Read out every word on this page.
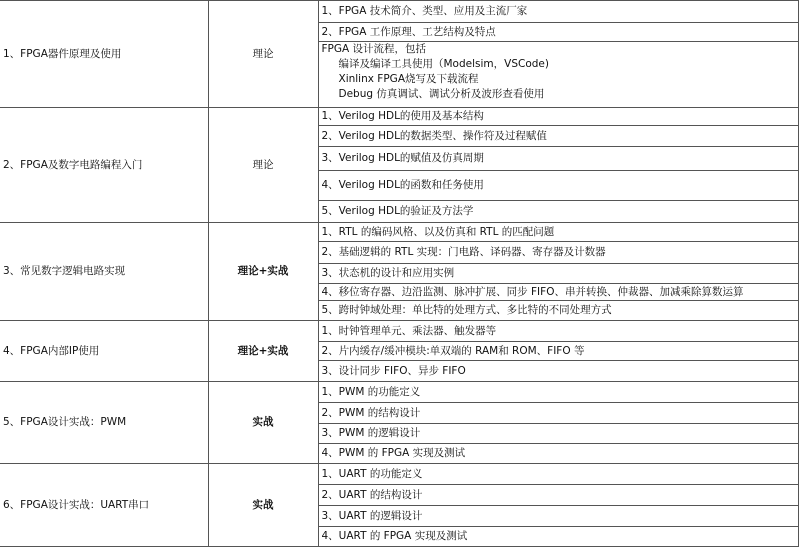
1、FPGA器件原理及使用	理论	1、FPGA 技术简介、类型、应用及主流厂家
		2、FPGA 工作原理、工艺结构及特点

		FPGA 设计流程，包括
编译及编译工具使用（Modelsim，VSCode)
Xinlinx FPGA烧写及下载流程
Debug 仿真调试、调试分析及波形查看使用

2、FPGA及数字电路编程入门	理论	1、Verilog HDL的使用及基本结构
		2、Verilog HDL的数据类型、操作符及过程赋值
		3、Verilog HDL的赋值及仿真周期
		4、Verilog HDL的函数和任务使用
		5、Verilog HDL的验证及方法学
3、常见数字逻辑电路实现	理论+实战	1、RTL 的编码风格、以及仿真和 RTL 的匹配问题
		2、基础逻辑的 RTL 实现：门电路、译码器、寄存器及计数器
		3、状态机的设计和应用实例
		4、移位寄存器、边沿监测、脉冲扩展、同步 FIFO、串并转换、仲裁器、加减乘除算数运算
		5、跨时钟域处理：单比特的处理方式、多比特的不同处理方式
4、FPGA内部IP使用	理论+实战	1、时钟管理单元、乘法器、触发器等
		2、片内缓存/缓冲模块:单双端的 RAM和 ROM、FIFO 等
		3、设计同步 FIFO、异步 FIFO
5、FPGA设计实战：PWM	实战	1、PWM 的功能定义
		2、PWM 的结构设计
		3、PWM 的逻辑设计
		4、PWM 的 FPGA 实现及测试
6、FPGA设计实战：UART串口	实战	1、UART 的功能定义
		2、UART 的结构设计
		3、UART 的逻辑设计
		4、UART 的 FPGA 实现及测试
